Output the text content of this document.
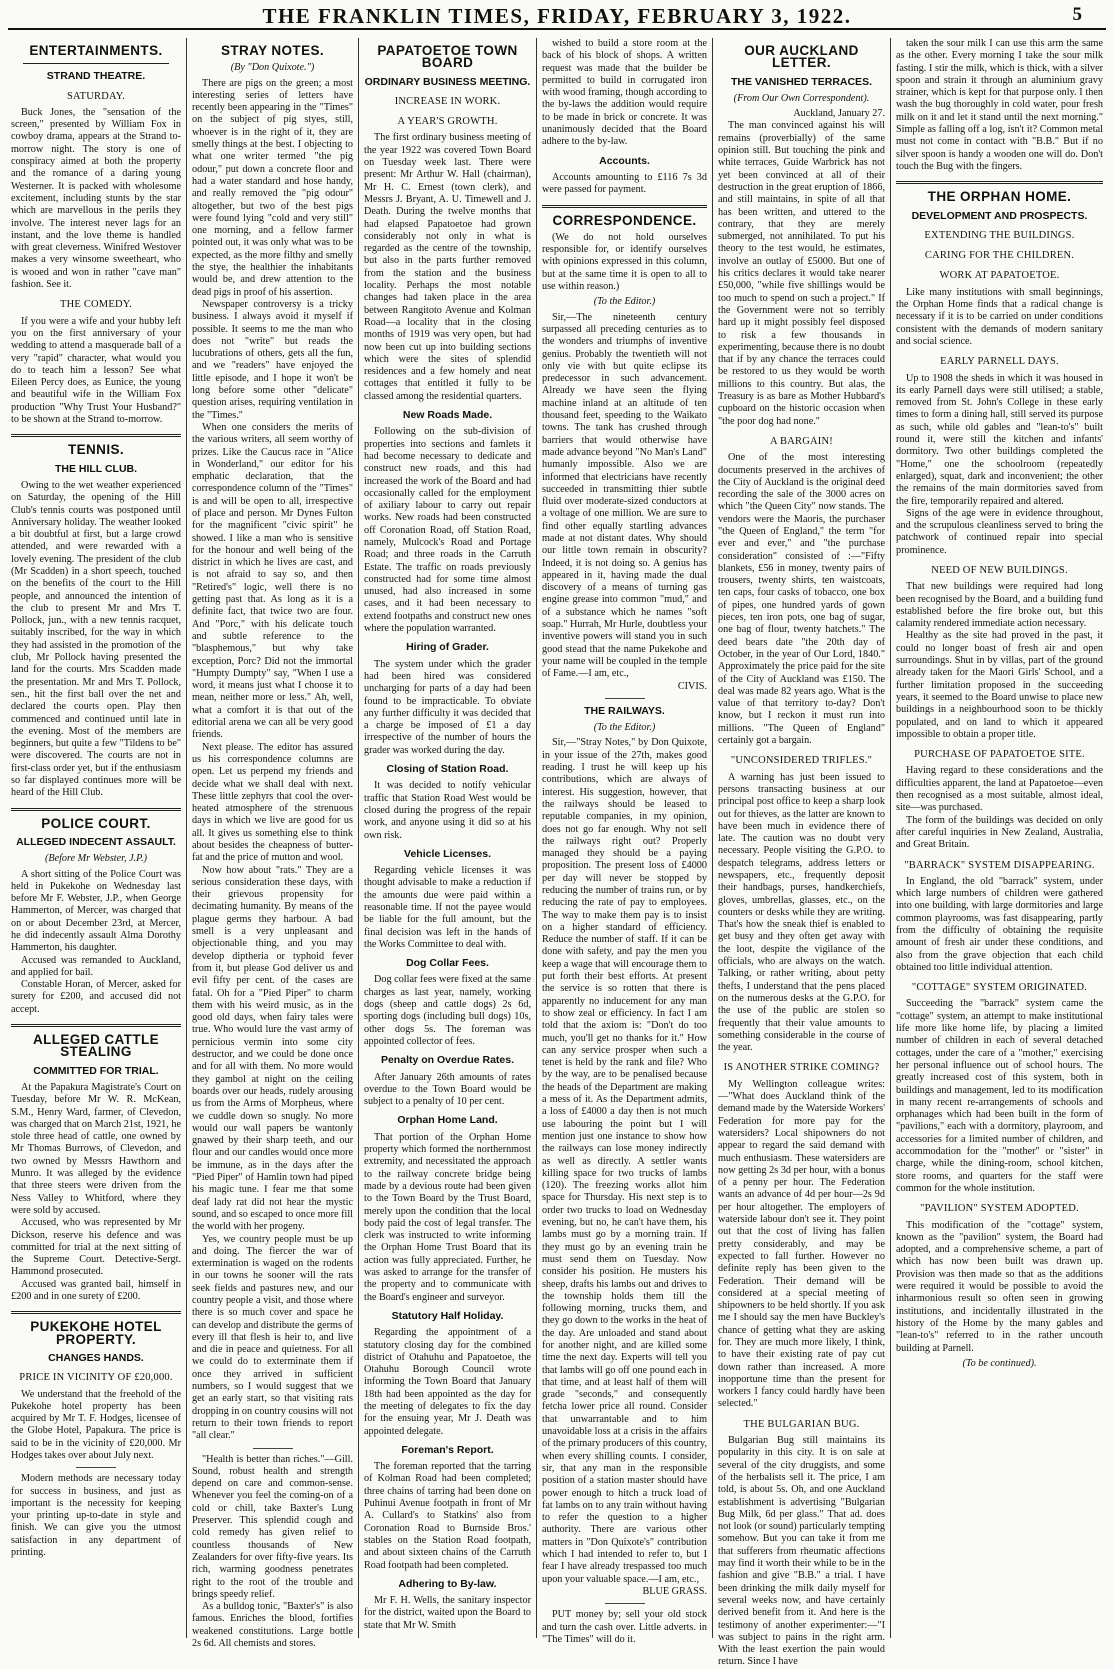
THE FRANKLIN TIMES, FRIDAY, FEBRUARY 3, 1922.	5
ENTERTAINMENTS.
STRAND THEATRE.
SATURDAY.

Buck Jones, the "sensation of the screen," presented by William Fox in cowboy drama, appears at the Strand to-morrow night. The story is one of conspiracy aimed at both the property and the romance of a daring young Westerner. It is packed with wholesome excitement, including stunts by the star which are marvellous in the perils they involve. The interest never lags for an instant, and the love theme is handled with great cleverness. Winifred Westover makes a very winsome sweetheart, who is wooed and won in rather "cave man" fashion. See it.

THE COMEDY.

If you were a wife and your hubby left you on the first anniversary of your wedding to attend a masquerade ball of a very "rapid" character, what would you do to teach him a lesson? See what Eileen Percy does, as Eunice, the young and beautiful wife in the William Fox production "Why Trust Your Husband?" to be shown at the Strand to-morrow.

TENNIS.
THE HILL CLUB.

Owing to the wet weather experienced on Saturday, the opening of the Hill Club's tennis courts was postponed until Anniversary holiday. The weather looked a bit doubtful at first, but a large crowd attended, and were rewarded with a lovely evening. The president of the club (Mr Scadden) in a short speech, touched on the benefits of the court to the Hill people, and announced the intention of the club to present Mr and Mrs T. Pollock, jun., with a new tennis racquet, suitably inscribed, for the way in which they had assisted in the promotion of the club, Mr Pollock having presented the land for the courts. Mrs Scadden made the presentation. Mr and Mrs T. Pollock, sen., hit the first ball over the net and declared the courts open. Play then commenced and continued until late in the evening. Most of the members are beginners, but quite a few "Tildens to be" were discovered. The courts are not in first-class order yet, but if the enthusiasm so far displayed continues more will be heard of the Hill Club.

POLICE COURT.
ALLEGED INDECENT ASSAULT.
(Before Mr Webster, J.P.)

A short sitting of the Police Court was held in Pukekohe on Wednesday last before Mr F. Webster, J.P., when George Hammerton, of Mercer, was charged that on or about December 23rd, at Mercer, he did indecently assault Alma Dorothy Hammerton, his daughter.

Accused was remanded to Auckland, and applied for bail.

Constable Horan, of Mercer, asked for surety for £200, and accused did not accept.

ALLEGED CATTLE STEALING
COMMITTED FOR TRIAL.

At the Papakura Magistrate's Court on Tuesday, before Mr W. R. McKean, S.M., Henry Ward, farmer, of Clevedon, was charged that on March 21st, 1921, he stole three head of cattle, one owned by Mr Thomas Burrows, of Clevedon, and two owned by Messrs Hawthorn and Munro. It was alleged by the evidence that three steers were driven from the Ness Valley to Whitford, where they were sold by accused.

Accused, who was represented by Mr Dickson, reserve his defence and was committed for trial at the next sitting of the Supreme Court. Detective-Sergt. Hammond prosecuted.

Accused was granted bail, himself in £200 and in one surety of £200.

PUKEKOHE HOTEL PROPERTY.
CHANGES HANDS.
PRICE IN VICINITY OF £20,000.

We understand that the freehold of the Pukekohe hotel property has been acquired by Mr T. F. Hodges, licensee of the Globe Hotel, Papakura. The price is said to be in the vicinity of £20,000. Mr Hodges takes over about July next.

Modern methods are necessary today for success in business, and just as important is the necessity for keeping your printing up-to-date in style and finish. We can give you the utmost satisfaction in any department of printing.

STRAY NOTES.
(By "Don Quixote.")

There are pigs on the green; a most interesting series of letters have recently been appearing in the "Times" on the subject of pig styes, still, whoever is in the right of it, they are smelly things at the best. I objecting to what one writer termed "the pig odour," put down a concrete floor and had a water standard and hose handy, and really removed the "pig odour" altogether, but two of the best pigs were found lying "cold and very still" one morning, and a fellow farmer pointed out, it was only what was to be expected, as the more filthy and smelly the stye, the healthier the inhabitants would be, and drew attention to the dead pigs in proof of his assertion.

Newspaper controversy is a tricky business. I always avoid it myself if possible. It seems to me the man who does not "write" but reads the lucubrations of others, gets all the fun, and we "readers" have enjoyed the little episode, and I hope it won't be long before some other "delicate" question arises, requiring ventilation in the "Times."

When one considers the merits of the various writers, all seem worthy of prizes. Like the Caucus race in "Alice in Wonderland," our editor for his emphatic declaration, that the correspondence column of the "Times" is and will be open to all, irrespective of place and person. Mr Dynes Fulton for the magnificent "civic spirit" he showed. I like a man who is sensitive for the honour and well being of the district in which he lives are cast, and is not afraid to say so, and then "Retired's" logic, well there is no getting past that. As long as it is a definite fact, that twice two are four. And "Porc," with his delicate touch and subtle reference to the "blasphemous," but why take exception, Porc? Did not the immortal "Humpty Dumpty" say, "When I use a word, it means just what I choose it to mean, neither more or less." Ah, well, what a comfort it is that out of the editorial arena we can all be very good friends.

Next please. The editor has assured us his correspondence columns are open. Let us perpend my friends and decide what we shall deal with next. These little zephyrs that cool the over-heated atmosphere of the strenuous days in which we live are good for us all. It gives us something else to think about besides the cheapness of butter-fat and the price of mutton and wool.

Now how about "rats." They are a serious consideration these days, with their grievous propensity for decimating humanity. By means of the plague germs they harbour. A bad smell is a very unpleasant and objectionable thing, and you may develop diptheria or typhoid fever from it, but please God deliver us and evil fifty per cent. of the cases are fatal. Oh for a "Pied Piper" to charm them with his weird music, as in the good old days, when fairy tales were true. Who would lure the vast army of pernicious vermin into some city destructor, and we could be done once and for all with them. No more would they gambol at night on the ceiling boards over our heads, rudely arousing us from the Arms of Morpheus, where we cuddle down so snugly. No more would our wall papers be wantonly gnawed by their sharp teeth, and our flour and our candles would once more be immune, as in the days after the "Pied Piper" of Hamlin town had piped his magic tune. I fear me that some deaf lady rat did not hear the mystic sound, and so escaped to once more fill the world with her progeny.

Yes, we country people must be up and doing. The fiercer the war of extermination is waged on the rodents in our towns he sooner will the rats seek fields and pastures new, and our country people a visit, and those where there is so much cover and space he can develop and distribute the germs of every ill that flesh is heir to, and live and die in peace and quietness. For all we could do to exterminate them if once they arrived in sufficient numbers, so I would suggest that we get an early start, so that visiting rats dropping in on country cousins will not return to their town friends to report "all clear."

"Health is better than riches."—Gill. Sound, robust health and strength depend on care and common-sense. Whenever you feel the coming-on of a cold or chill, take Baxter's Lung Preserver. This splendid cough and cold remedy has given relief to countless thousands of New Zealanders for over fifty-five years. Its rich, warming goodness penetrates right to the root of the trouble and brings speedy relief.

As a bulldog tonic, "Baxter's" is also famous. Enriches the blood, fortifies weakened constitutions. Large bottle 2s 6d. All chemists and stores.

PAPATOETOE TOWN BOARD
ORDINARY BUSINESS MEETING.
INCREASE IN WORK.
A YEAR'S GROWTH.

The first ordinary business meeting of the year 1922 was covered Town Board on Tuesday week last. There were present: Mr Arthur W. Hall (chairman), Mr H. C. Ernest (town clerk), and Messrs J. Bryant, A. U. Timewell and J. Death. During the twelve months that had elapsed Papatoetoe had grown considerably not only in what is regarded as the centre of the township, but also in the parts further removed from the station and the business locality. Perhaps the most notable changes had taken place in the area between Rangitoto Avenue and Kolman Road—a locality that in the closing months of 1919 was very open, but had now been cut up into building sections which were the sites of splendid residences and a few homely and neat cottages that entitled it fully to be classed among the residential quarters.

New Roads Made.

Following on the sub-division of properties into sections and famlets it had become necessary to dedicate and construct new roads, and this had increased the work of the Board and had occasionally called for the employment of axiliary labour to carry out repair works. New roads had been constructed off Coronation Road, off Station Road, namely, Mulcock's Road and Portage Road; and three roads in the Carruth Estate. The traffic on roads previously constructed had for some time almost unused, had also increased in some cases, and it had been necessary to extend footpaths and construct new ones where the population warranted.

Hiring of Grader.

The system under which the grader had been hired was considered uncharging for parts of a day had been found to be impracticable. To obviate any further difficulty it was decided that a charge be imposed of £1 a day irrespective of the number of hours the grader was worked during the day.

Closing of Station Road.

It was decided to notify vehicular traffic that Station Road West would be closed during the progress of the repair work, and anyone using it did so at his own risk.

Vehicle Licenses.

Regarding vehicle licenses it was thought advisable to make a reduction if the amounts due were paid within a reasonable time. If not the payee would be liable for the full amount, but the final decision was left in the hands of the Works Committee to deal with.

Dog Collar Fees.

Dog collar fees were fixed at the same charges as last year, namely, working dogs (sheep and cattle dogs) 2s 6d, sporting dogs (including bull dogs) 10s, other dogs 5s. The foreman was appointed collector of fees.

Penalty on Overdue Rates.

After January 26th amounts of rates overdue to the Town Board would be subject to a penalty of 10 per cent.

Orphan Home Land.

That portion of the Orphan Home property which formed the northernmost extremity, and necessitated the approach to the railway concrete bridge being made by a devious route had been given to the Town Board by the Trust Board, merely upon the condition that the local body paid the cost of legal transfer. The clerk was instructed to write informing the Orphan Home Trust Board that its action was fully appreciated. Further, he was asked to arrange for the transfer of the property and to communicate with the Board's engineer and surveyor.

Statutory Half Holiday.

Regarding the appointment of a statutory closing day for the combined district of Otahuhu and Papatoetoe, the Otahuhu Borough Council wrote informing the Town Board that January 18th had been appointed as the day for the meeting of delegates to fix the day for the ensuing year, Mr J. Death was appointed delegate.

Foreman's Report.

The foreman reported that the tarring of Kolman Road had been completed; three chains of tarring had been done on Puhinui Avenue footpath in front of Mr A. Cullard's to Statkins' also from Coronation Road to Burnside Bros.' stables on the Station Road footpath, and about sixteen chains of the Carruth Road footpath had been completed.

Adhering to By-law.

Mr F. H. Wells, the sanitary inspector for the district, waited upon the Board to state that Mr W. Smith

wished to build a store room at the back of his block of shops. A written request was made that the builder be permitted to build in corrugated iron with wood framing, though according to the by-laws the addition would require to be made in brick or concrete. It was unanimously decided that the Board adhere to the by-law.

Accounts.

Accounts amounting to £116 7s 3d were passed for payment.

CORRESPONDENCE.

(We do not hold ourselves responsible for, or identify ourselves with opinions expressed in this column, but at the same time it is open to all to use within reason.)

(To the Editor.)

Sir,—The nineteenth century surpassed all preceding centuries as to the wonders and triumphs of inventive genius. Probably the twentieth will not only vie with but quite eclipse its predecessor in such advancement. Already we have seen the flying machine inland at an altitude of ten thousand feet, speeding to the Waikato towns. The tank has crushed through barriers that would otherwise have made advance beyond "No Man's Land" humanly impossible. Also we are informed that electricians have recently succeeded in transmitting thier subtle fluid over moderate-sized conductors at a voltage of one million. We are sure to find other equally startling advances made at not distant dates. Why should our little town remain in obscurity? Indeed, it is not doing so. A genius has appeared in it, having made the dual discovery of a means of turning gas engine grease into common "mud," and of a substance which he names "soft soap." Hurrah, Mr Hurle, doubtless your inventive powers will stand you in such good stead that the name Pukekohe and your name will be coupled in the temple of Fame.—I am, etc.,

CIVIS.
THE RAILWAYS.
(To the Editor.)

Sir,—"Stray Notes," by Don Quixote, in your issue of the 27th, makes good reading. I trust he will keep up his contributions, which are always of interest. His suggestion, however, that the railways should be leased to reputable companies, in my opinion, does not go far enough. Why not sell the railways right out? Properly managed they should be a paying proposition. The present loss of £4000 per day will never be stopped by reducing the number of trains run, or by reducing the rate of pay to employees. The way to make them pay is to insist on a higher standard of efficiency. Reduce the number of staff. If it can be done with safety, and pay the men you keep a wage that will encourage them to put forth their best efforts. At present the service is so rotten that there is apparently no inducement for any man to show zeal or efficiency. In fact I am told that the axiom is: "Don't do too much, you'll get no thanks for it." How can any service prosper when such a tenet is held by the rank and file? Who by the way, are to be penalised because the heads of the Department are making a mess of it. As the Department admits, a loss of £4000 a day then is not much use labouring the point but I will mention just one instance to show how the railways can lose money indirectly as well as directly. A settler wants killing space for two trucks of lambs (120). The freezing works allot him space for Thursday. His next step is to order two trucks to load on Wednesday evening, but no, he can't have them, his lambs must go by a morning train. If they must go by an evening train he must send them on Tuesday. Now consider his position. He musters his sheep, drafts his lambs out and drives to the township holds them till the following morning, trucks them, and they go down to the works in the heat of the day. Are unloaded and stand about for another night, and are killed some time the next day. Experts will tell you that lambs will go off one pound each in that time, and at least half of them will grade "seconds," and consequently fetcha lower price all round. Consider that unwarrantable and to him unavoidable loss at a crisis in the affairs of the primary producers of this country, when every shilling counts. I consider, sir, that any man in the responsible position of a station master should have power enough to hitch a truck load of fat lambs on to any train without having to refer the question to a higher authority. There are various other matters in "Don Quixote's" contribution which I had intended to refer to, but I fear I have already trespassed too much upon your valuable space.—I am, etc.,

BLUE GRASS.

PUT money by; sell your old stock and turn the cash over. Little adverts. in "The Times" will do it.

OUR AUCKLAND LETTER.
THE VANISHED TERRACES.
(From Our Own Correspondent).
Auckland, January 27.

The man convinced against his will remains (proverbially) of the same opinion still. But touching the pink and white terraces, Guide Warbrick has not yet been convinced at all of their destruction in the great eruption of 1866, and still maintains, in spite of all that has been written, and uttered to the contrary, that they are merely submerged, not annihilated. To put his theory to the test would, he estimates, involve an outlay of £5000. But one of his critics declares it would take nearer £50,000, "while five shillings would be too much to spend on such a project." If the Government were not so terribly hard up it might possibly feel disposed to risk a few thousands in experimenting, because there is no doubt that if by any chance the terraces could be restored to us they would be worth millions to this country. But alas, the Treasury is as bare as Mother Hubbard's cupboard on the historic occasion when "the poor dog had none."

A BARGAIN!

One of the most interesting documents preserved in the archives of the City of Auckland is the original deed recording the sale of the 3000 acres on which "the Queen City" now stands. The vendors were the Maoris, the purchaser "the Queen of England," the term "for ever and ever," and "the purchase consideration" consisted of :—"Fifty blankets, £56 in money, twenty pairs of trousers, twenty shirts, ten waistcoats, ten caps, four casks of tobacco, one box of pipes, one hundred yards of gown pieces, ten iron pots, one bag of sugar, one bag of flour, twenty hatchets." The deed bears date "the 20th day of October, in the year of Our Lord, 1840." Approximately the price paid for the site of the City of Auckland was £150. The deal was made 82 years ago. What is the value of that territory to-day? Don't know, but I reckon it must run into millions. "The Queen of England" certainly got a bargain.

"UNCONSIDERED TRIFLES."

A warning has just been issued to persons transacting business at our principal post office to keep a sharp look out for thieves, as the latter are known to have been much in evidence there of late. The caution was no doubt very necessary. People visiting the G.P.O. to despatch telegrams, address letters or newspapers, etc., frequently deposit their handbags, purses, handkerchiefs, gloves, umbrellas, glasses, etc., on the counters or desks while they are writing. That's how the sneak thief is enabled to get busy and they often get away with the loot, despite the vigilance of the officials, who are always on the watch. Talking, or rather writing, about petty thefts, I understand that the pens placed on the numerous desks at the G.P.O. for the use of the public are stolen so frequently that their value amounts to something considerable in the course of the year.

IS ANOTHER STRIKE COMING?

My Wellington colleague writes:—"What does Auckland think of the demand made by the Waterside Workers' Federation for more pay for the watersiders? Local shipowners do not appear to regard the said demand with much enthusiasm. These watersiders are now getting 2s 3d per hour, with a bonus of a penny per hour. The Federation wants an advance of 4d per hour—2s 9d per hour altogether. The employers of waterside labour don't see it. They point out that the cost of living has fallen pretty considerably, and may be expected to fall further. However no definite reply has been given to the Federation. Their demand will be considered at a special meeting of shipowners to be held shortly. If you ask me I should say the men have Buckley's chance of getting what they are asking for. They are much more likely, I think, to have their existing rate of pay cut down rather than increased. A more inopportune time than the present for workers I fancy could hardly have been selected."

THE BULGARIAN BUG.

Bulgarian Bug still maintains its popularity in this city. It is on sale at several of the city druggists, and some of the herbalists sell it. The price, I am told, is about 5s. Oh, and one Auckland establishment is advertising "Bulgarian Bug Milk, 6d per glass." That ad. does not look (or sound) particularly tempting somehow. But you can take it from me that sufferers from rheumatic affections may find it worth their while to be in the fashion and give "B.B." a trial. I have been drinking the milk daily myself for several weeks now, and have certainly derived benefit from it. And here is the testimony of another experimenter:—"I was subject to pains in the right arm. With the least exertion the pain would return. Since I have

taken the sour milk I can use this arm the same as the other. Every morning I take the sour milk fasting. I stir the milk, which is thick, with a silver spoon and strain it through an aluminium gravy strainer, which is kept for that purpose only. I then wash the bug thoroughly in cold water, pour fresh milk on it and let it stand until the next morning." Simple as falling off a log, isn't it? Common metal must not come in contact with "B.B." But if no silver spoon is handy a wooden one will do. Don't touch the Bug with the fingers.

THE ORPHAN HOME.
DEVELOPMENT AND PROSPECTS.
EXTENDING THE BUILDINGS.
CARING FOR THE CHILDREN.
WORK AT PAPATOETOE.

Like many institutions with small beginnings, the Orphan Home finds that a radical change is necessary if it is to be carried on under conditions consistent with the demands of modern sanitary and social science.

EARLY PARNELL DAYS.

Up to 1908 the sheds in which it was housed in its early Parnell days were still utilised; a stable, removed from St. John's College in these early times to form a dining hall, still served its purpose as such, while old gables and "lean-to's" built round it, were still the kitchen and infants' dormitory. Two other buildings completed the "Home," one the schoolroom (repeatedly enlarged), squat, dark and inconvenient; the other the remains of the main dormitories saved from the fire, temporarily repaired and altered.

Signs of the age were in evidence throughout, and the scrupulous cleanliness served to bring the patchwork of continued repair into special prominence.

NEED OF NEW BUILDINGS.

That new buildings were required had long been recognised by the Board, and a building fund established before the fire broke out, but this calamity rendered immediate action necessary.

Healthy as the site had proved in the past, it could no longer boast of fresh air and open surroundings. Shut in by villas, part of the ground already taken for the Maori Girls' School, and a further limitation proposed in the succeeding years, it seemed to the Board unwise to place new buildings in a neighbourhood soon to be thickly populated, and on land to which it appeared impossible to obtain a proper title.

PURCHASE OF PAPATOETOE SITE.

Having regard to these considerations and the difficulties apparent, the land at Papatoetoe—even then recognised as a most suitable, almost ideal, site—was purchased.

The form of the buildings was decided on only after careful inquiries in New Zealand, Australia, and Great Britain.

"BARRACK" SYSTEM DISAPPEARING.

In England, the old "barrack" system, under which large numbers of children were gathered into one building, with large dormitories and large common playrooms, was fast disappearing, partly from the difficulty of obtaining the requisite amount of fresh air under these conditions, and also from the grave objection that each child obtained too little individual attention.

"COTTAGE" SYSTEM ORIGINATED.

Succeeding the "barrack" system came the "cottage" system, an attempt to make institutional life more like home life, by placing a limited number of children in each of several detached cottages, under the care of a "mother," exercising her personal influence out of school hours. The greatly increased cost of this system, both in buildings and management, led to its modification in many recent re-arrangements of schools and orphanages which had been built in the form of "pavilions," each with a dormitory, playroom, and accessories for a limited number of children, and accommodation for the "mother" or "sister" in charge, while the dining-room, school kitchen, store rooms, and quarters for the staff were common for the whole institution.

"PAVILION" SYSTEM ADOPTED.

This modification of the "cottage" system, known as the "pavilion" system, the Board had adopted, and a comprehensive scheme, a part of which has now been built was drawn up. Provision was then made so that as the additions were required it would be possible to avoid the inharmonious result so often seen in growing institutions, and incidentally illustrated in the history of the Home by the many gables and "lean-to's" referred to in the rather uncouth building at Parnell.

(To be continued).
